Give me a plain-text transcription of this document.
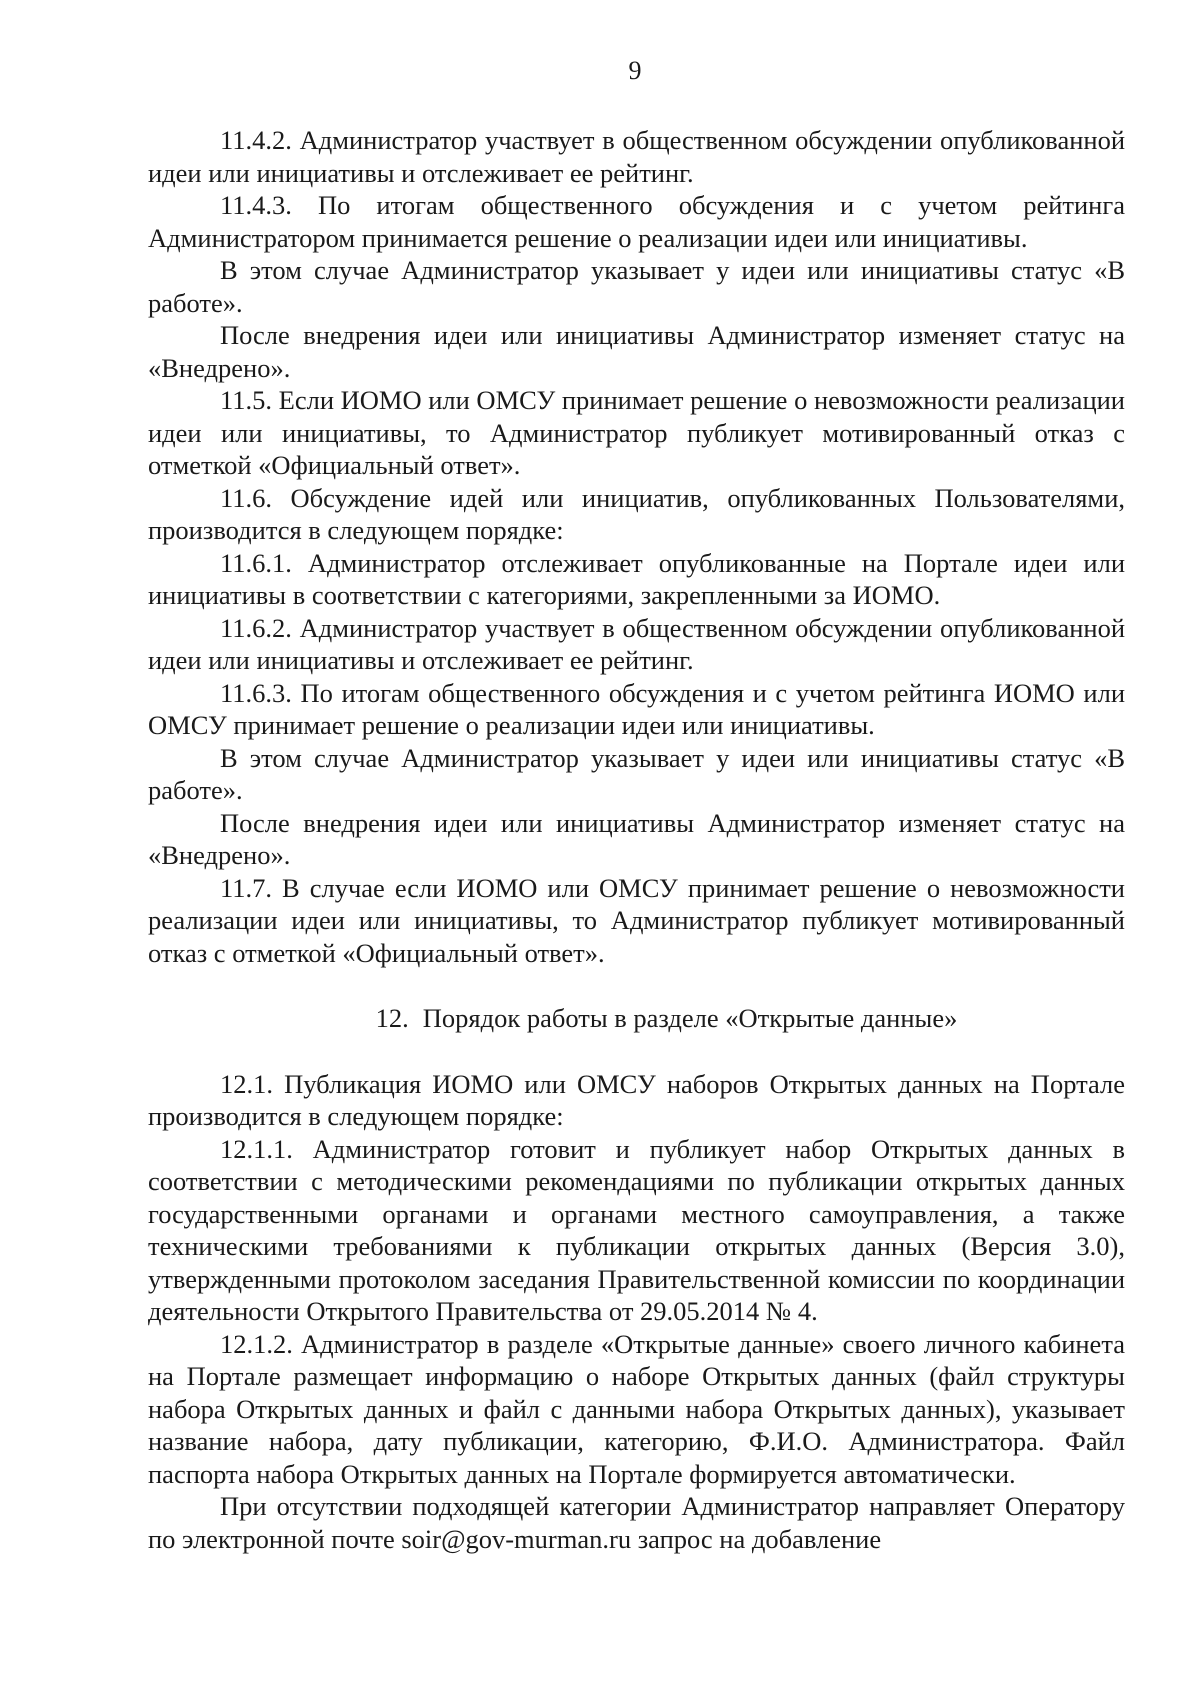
9

11.4.2. Администратор участвует в общественном обсуждении опубликованной идеи или инициативы и отслеживает ее рейтинг.

11.4.3. По итогам общественного обсуждения и с учетом рейтинга Администратором принимается решение о реализации идеи или инициативы.

В этом случае Администратор указывает у идеи или инициативы статус «В работе».

После внедрения идеи или инициативы Администратор изменяет статус на «Внедрено».

11.5. Если ИОМО или ОМСУ принимает решение о невозможности реализации идеи или инициативы, то Администратор публикует мотивированный отказ с отметкой «Официальный ответ».

11.6. Обсуждение идей или инициатив, опубликованных Пользователями, производится в следующем порядке:

11.6.1. Администратор отслеживает опубликованные на Портале идеи или инициативы в соответствии с категориями, закрепленными за ИОМО.

11.6.2. Администратор участвует в общественном обсуждении опубликованной идеи или инициативы и отслеживает ее рейтинг.

11.6.3. По итогам общественного обсуждения и с учетом рейтинга ИОМО или ОМСУ принимает решение о реализации идеи или инициативы.

В этом случае Администратор указывает у идеи или инициативы статус «В работе».

После внедрения идеи или инициативы Администратор изменяет статус на «Внедрено».

11.7. В случае если ИОМО или ОМСУ принимает решение о невозможности реализации идеи или инициативы, то Администратор публикует мотивированный отказ с отметкой «Официальный ответ».

12. Порядок работы в разделе «Открытые данные»

12.1. Публикация ИОМО или ОМСУ наборов Открытых данных на Портале производится в следующем порядке:

12.1.1. Администратор готовит и публикует набор Открытых данных в соответствии с методическими рекомендациями по публикации открытых данных государственными органами и органами местного самоуправления, а также техническими требованиями к публикации открытых данных (Версия 3.0), утвержденными протоколом заседания Правительственной комиссии по координации деятельности Открытого Правительства от 29.05.2014 № 4.

12.1.2. Администратор в разделе «Открытые данные» своего личного кабинета на Портале размещает информацию о наборе Открытых данных (файл структуры набора Открытых данных и файл с данными набора Открытых данных), указывает название набора, дату публикации, категорию, Ф.И.О. Администратора. Файл паспорта набора Открытых данных на Портале формируется автоматически.

При отсутствии подходящей категории Администратор направляет Оператору по электронной почте soir@gov-murman.ru запрос на добавление
